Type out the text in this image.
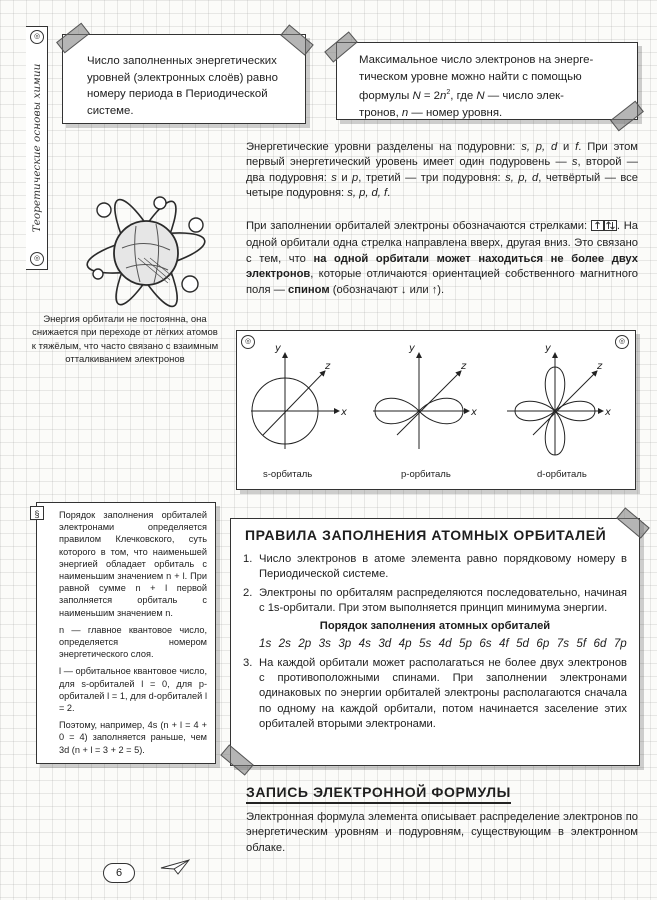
◎
Теоретические основы химии
◎

Число заполненных энергетических уровней (электронных слоёв) равно номеру периода в Периодической системе.

Максимальное число электронов на энерге-
тическом уровне можно найти с помощью
формулы $N = 2n^2$, где N — число элек-
тронов, n — номер уровня.

Энергетические уровни разделены на подуровни: s, p, d и f. При этом первый энергетический уровень имеет один подуровень — s, второй — два подуровня: s и p, третий — три подуровня: s, p, d, четвёртый — все четыре подуровня: s, p, d, f.

При заполнении орбиталей электроны обозначаются стрелками: . На одной орбитали одна стрелка направлена вверх, другая вниз. Это связано с тем, что на одной орбитали может находиться не более двух электронов, которые отличаются ориентацией собственного магнитного поля — спином (обозначают ↓ или ↑).

Энергия орбитали не постоянна, она снижается при переходе от лёгких атомов к тяжёлым, что часто связано с взаимным отталкиванием электронов
◎	◎
x
y
z
x
y
z
x
y
z
s-орбиталь	p-орбиталь	d-орбиталь

Порядок заполнения орбиталей электронами определяется правилом Клечковского, суть которого в том, что наименьшей энергией обладает орбиталь с наименьшим значением n + l. При равной сумме n + l первой заполняется орбиталь с наименьшим значением n.

n — главное квантовое число, определяется номером энергетического слоя.

l — орбитальное квантовое число, для s-орбиталей l = 0, для p-орбиталей l = 1, для d-орбиталей l = 2.

Поэтому, например, 4s (n + l = 4 + 0 = 4) заполняется раньше, чем 3d (n + l = 3 + 2 = 5).

§
ПРАВИЛА ЗАПОЛНЕНИЯ АТОМНЫХ ОРБИТАЛЕЙ
1. Число электронов в атоме элемента равно порядковому номеру в Периодической системе.
2. Электроны по орбиталям распределяются последовательно, начиная с 1s-орбитали. При этом выполняется принцип минимума энергии.
Порядок заполнения атомных орбиталей
1s 2s 2p 3s 3p 4s 3d 4p 5s 4d 5p 6s 4f 5d 6p 7s 5f 6d 7p
3. На каждой орбитали может располагаться не более двух электронов с противоположными спинами. При заполнении электронами одинаковых по энергии орбиталей электроны располагаются сначала по одному на каждой орбитали, потом начинается заселение этих орбиталей вторыми электронами.
ЗАПИСЬ ЭЛЕКТРОННОЙ ФОРМУЛЫ
Электронная формула элемента описывает распределение электронов по энергетическим уровням и подуровням, существующим в электронном облаке.
6
